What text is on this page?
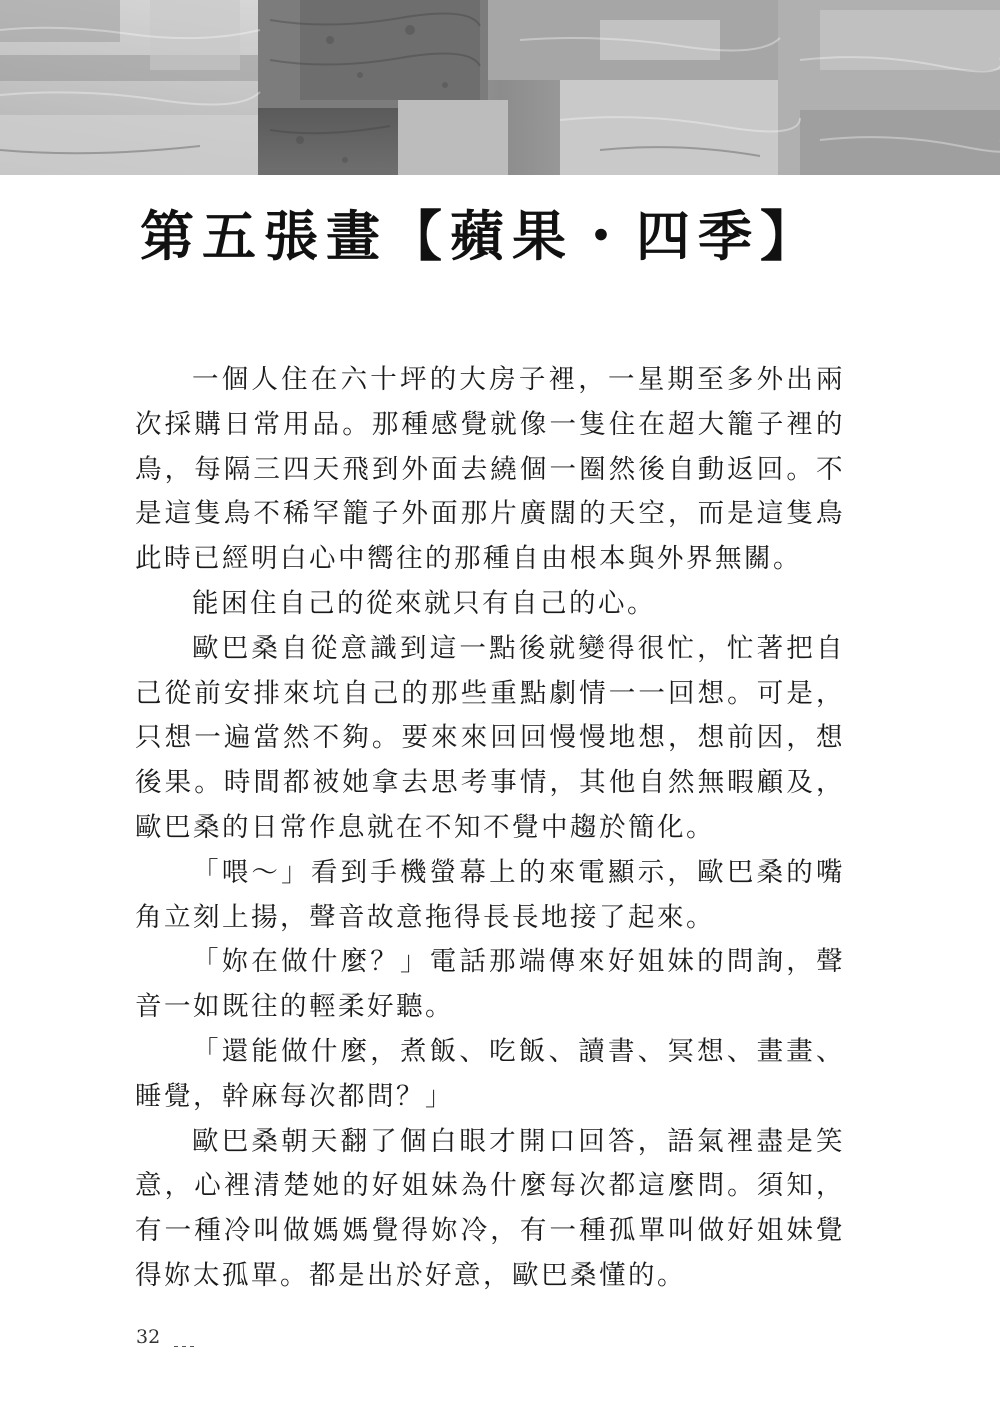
第五張畫【蘋果・四季】

一個人住在六十坪的大房子裡，一星期至多外出兩次採購日常用品。那種感覺就像一隻住在超大籠子裡的鳥，每隔三四天飛到外面去繞個一圈然後自動返回。不是這隻鳥不稀罕籠子外面那片廣闊的天空，而是這隻鳥此時已經明白心中嚮往的那種自由根本與外界無關。

能困住自己的從來就只有自己的心。

歐巴桑自從意識到這一點後就變得很忙，忙著把自己從前安排來坑自己的那些重點劇情一一回想。可是，只想一遍當然不夠。要來來回回慢慢地想，想前因，想後果。時間都被她拿去思考事情，其他自然無暇顧及，歐巴桑的日常作息就在不知不覺中趨於簡化。

「喂～」看到手機螢幕上的來電顯示，歐巴桑的嘴角立刻上揚，聲音故意拖得長長地接了起來。

「妳在做什麼？」電話那端傳來好姐妹的問詢，聲音一如既往的輕柔好聽。

「還能做什麼，煮飯、吃飯、讀書、冥想、畫畫、睡覺，幹麻每次都問？」

歐巴桑朝天翻了個白眼才開口回答，語氣裡盡是笑意，心裡清楚她的好姐妹為什麼每次都這麼問。須知，有一種冷叫做媽媽覺得妳冷，有一種孤單叫做好姐妹覺得妳太孤單。都是出於好意，歐巴桑懂的。

32
